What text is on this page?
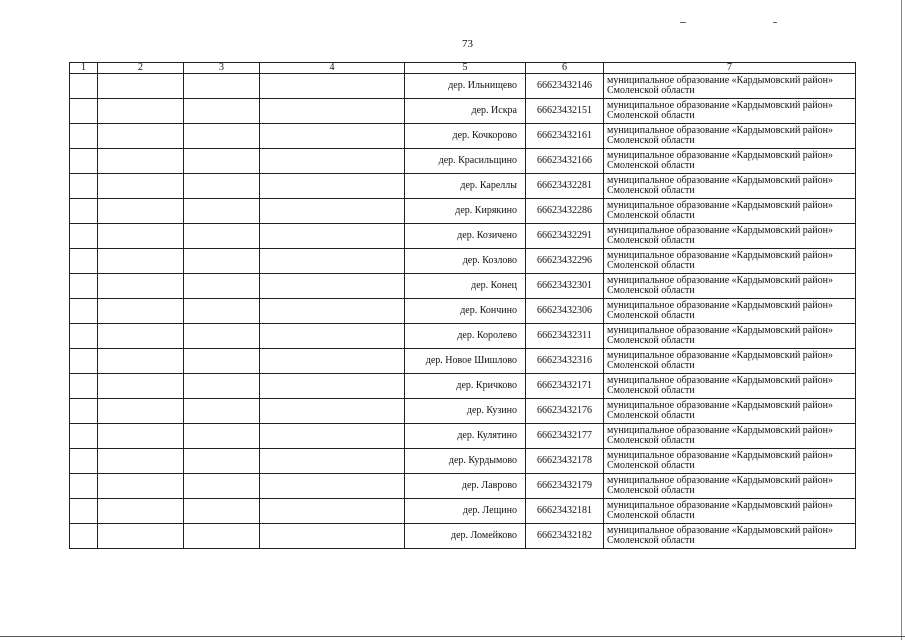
73
1	2	3	4	5	6	7
				дер. Ильнищево	66623432146	муниципальное образование «Кардымовский район»
Смоленской области

				дер. Искра	66623432151	муниципальное образование «Кардымовский район»
Смоленской области

				дер. Кочкорово	66623432161	муниципальное образование «Кардымовский район»
Смоленской области

				дер. Красильщино	66623432166	муниципальное образование «Кардымовский район»
Смоленской области

				дер. Кареллы	66623432281	муниципальное образование «Кардымовский район»
Смоленской области

				дер. Кирякино	66623432286	муниципальное образование «Кардымовский район»
Смоленской области

				дер. Козичено	66623432291	муниципальное образование «Кардымовский район»
Смоленской области

				дер. Козлово	66623432296	муниципальное образование «Кардымовский район»
Смоленской области

				дер. Конец	66623432301	муниципальное образование «Кардымовский район»
Смоленской области

				дер. Кончино	66623432306	муниципальное образование «Кардымовский район»
Смоленской области

				дер. Королево	66623432311	муниципальное образование «Кардымовский район»
Смоленской области

				дер. Новое Шишлово	66623432316	муниципальное образование «Кардымовский район»
Смоленской области

				дер. Кричково	66623432171	муниципальное образование «Кардымовский район»
Смоленской области

				дер. Кузино	66623432176	муниципальное образование «Кардымовский район»
Смоленской области

				дер. Кулятино	66623432177	муниципальное образование «Кардымовский район»
Смоленской области

				дер. Курдымово	66623432178	муниципальное образование «Кардымовский район»
Смоленской области

				дер. Лаврово	66623432179	муниципальное образование «Кардымовский район»
Смоленской области

				дер. Лещино	66623432181	муниципальное образование «Кардымовский район»
Смоленской области

				дер. Ломейково	66623432182	муниципальное образование «Кардымовский район»
Смоленской области
